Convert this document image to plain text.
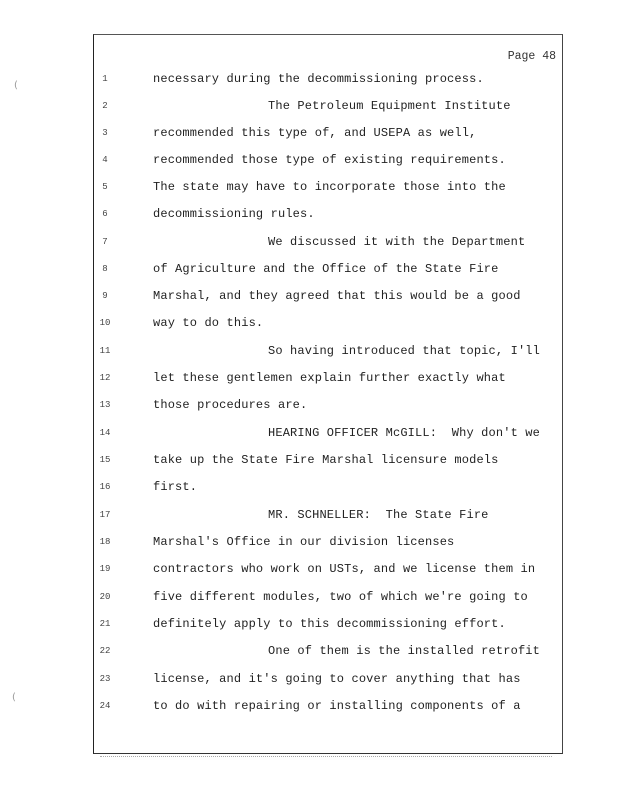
Page 48
(
(
1	necessary during the decommissioning process.
2	The Petroleum Equipment Institute
3	recommended this type of, and USEPA as well,
4	recommended those type of existing requirements.
5	The state may have to incorporate those into the
6	decommissioning rules.
7	We discussed it with the Department
8	of Agriculture and the Office of the State Fire
9	Marshal, and they agreed that this would be a good
10	way to do this.
11	So having introduced that topic, I'll
12	let these gentlemen explain further exactly what
13	those procedures are.
14	HEARING OFFICER McGILL:  Why don't we
15	take up the State Fire Marshal licensure models
16	first.
17	MR. SCHNELLER:  The State Fire
18	Marshal's Office in our division licenses
19	contractors who work on USTs, and we license them in
20	five different modules, two of which we're going to
21	definitely apply to this decommissioning effort.
22	One of them is the installed retrofit
23	license, and it's going to cover anything that has
24	to do with repairing or installing components of a
